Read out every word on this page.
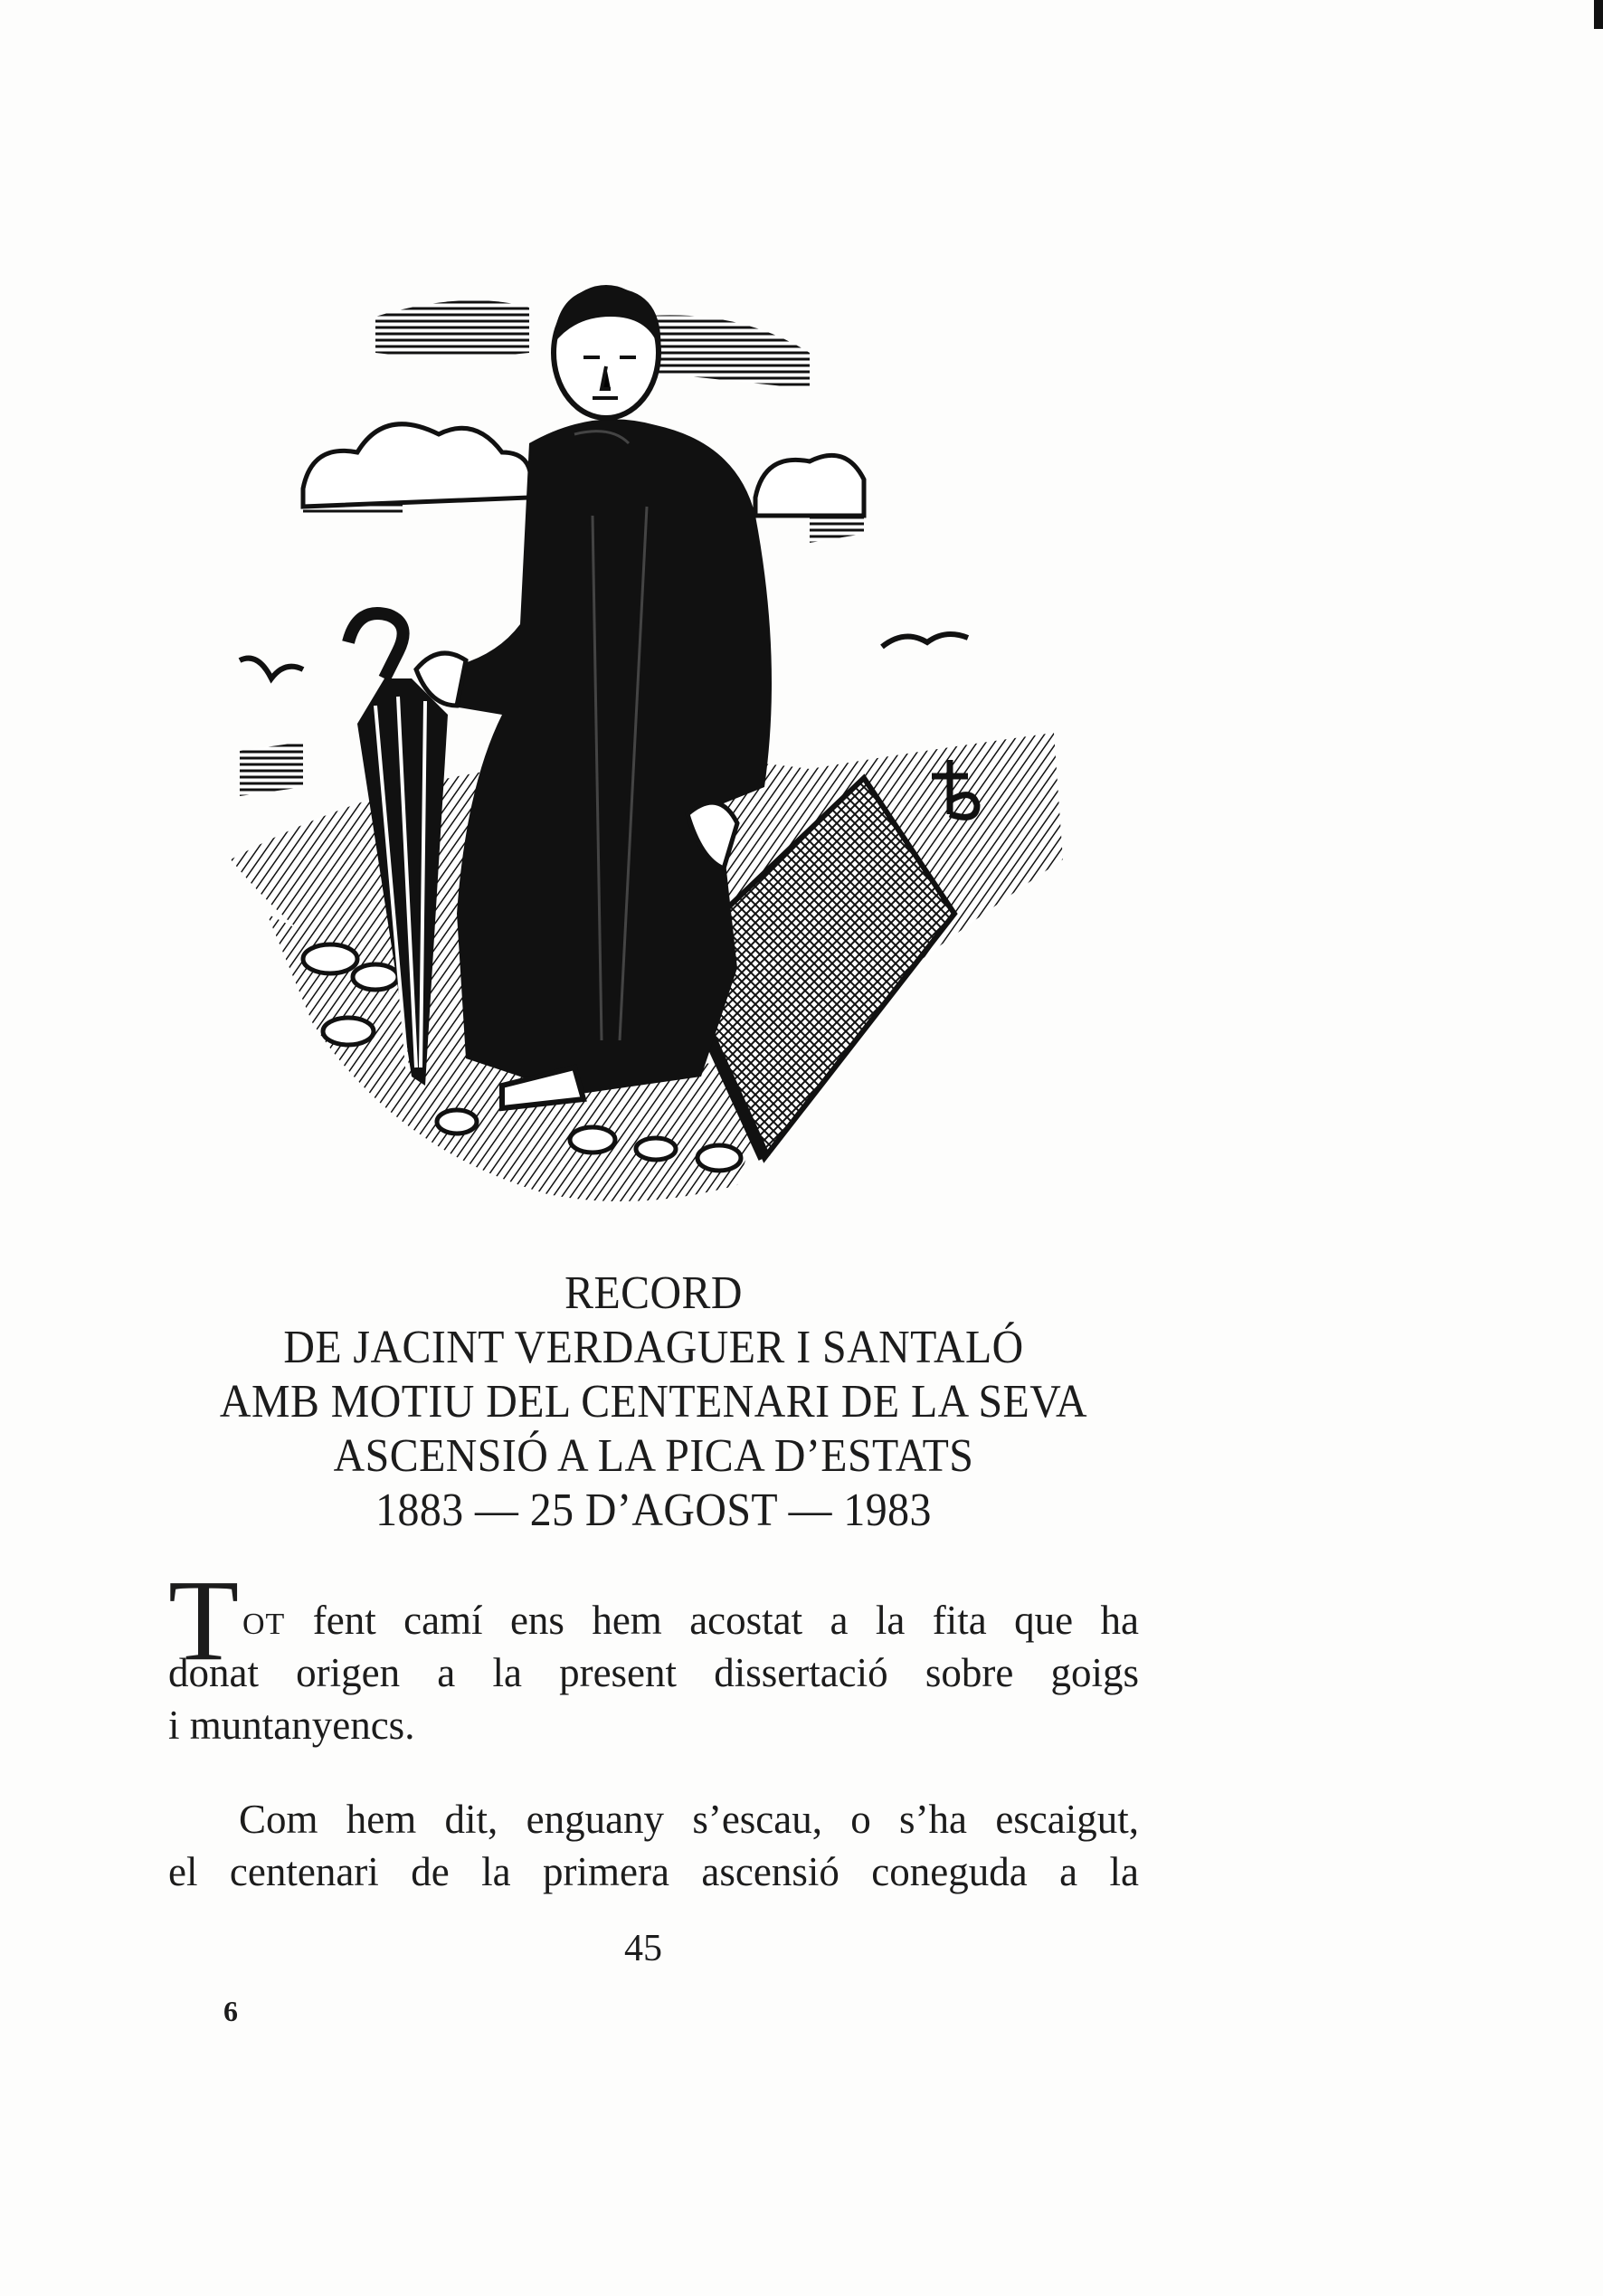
RECORD
DE JACINT VERDAGUER I SANTALÓ
AMB MOTIU DEL CENTENARI DE LA SEVA
ASCENSIÓ A LA PICA D’ESTATS
1883 — 25 D’AGOST — 1983
T OT fent camí ens hem acostat a la fita que ha
donat origen a la present dissertació sobre goigs
i muntanyencs.
Com hem dit, enguany s’escau, o s’ha escaigut,
el centenari de la primera ascensió coneguda a la
45
6
